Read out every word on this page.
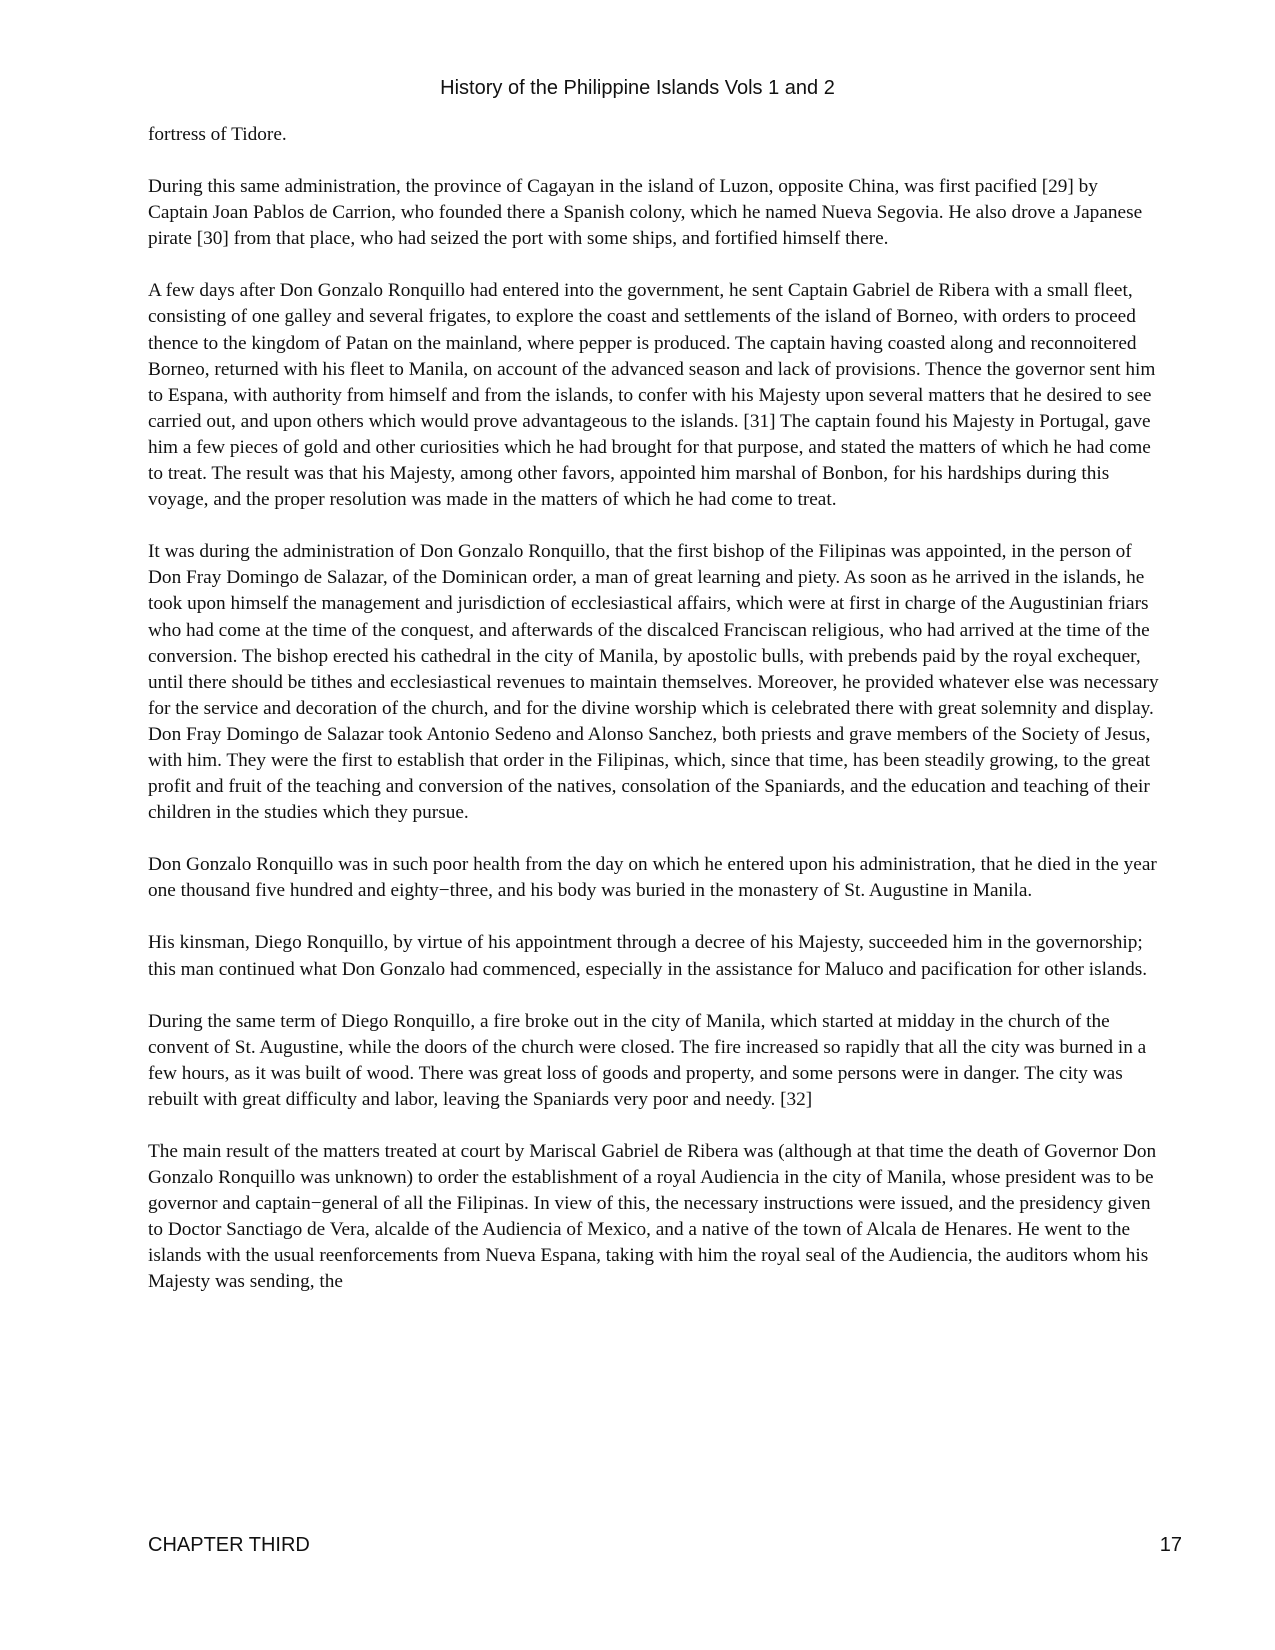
History of the Philippine Islands Vols 1 and 2

fortress of Tidore.

During this same administration, the province of Cagayan in the island of Luzon, opposite China, was first pacified [29] by Captain Joan Pablos de Carrion, who founded there a Spanish colony, which he named Nueva Segovia. He also drove a Japanese pirate [30] from that place, who had seized the port with some ships, and fortified himself there.

A few days after Don Gonzalo Ronquillo had entered into the government, he sent Captain Gabriel de Ribera with a small fleet, consisting of one galley and several frigates, to explore the coast and settlements of the island of Borneo, with orders to proceed thence to the kingdom of Patan on the mainland, where pepper is produced. The captain having coasted along and reconnoitered Borneo, returned with his fleet to Manila, on account of the advanced season and lack of provisions. Thence the governor sent him to Espana, with authority from himself and from the islands, to confer with his Majesty upon several matters that he desired to see carried out, and upon others which would prove advantageous to the islands. [31] The captain found his Majesty in Portugal, gave him a few pieces of gold and other curiosities which he had brought for that purpose, and stated the matters of which he had come to treat. The result was that his Majesty, among other favors, appointed him marshal of Bonbon, for his hardships during this voyage, and the proper resolution was made in the matters of which he had come to treat.

It was during the administration of Don Gonzalo Ronquillo, that the first bishop of the Filipinas was appointed, in the person of Don Fray Domingo de Salazar, of the Dominican order, a man of great learning and piety. As soon as he arrived in the islands, he took upon himself the management and jurisdiction of ecclesiastical affairs, which were at first in charge of the Augustinian friars who had come at the time of the conquest, and afterwards of the discalced Franciscan religious, who had arrived at the time of the conversion. The bishop erected his cathedral in the city of Manila, by apostolic bulls, with prebends paid by the royal exchequer, until there should be tithes and ecclesiastical revenues to maintain themselves. Moreover, he provided whatever else was necessary for the service and decoration of the church, and for the divine worship which is celebrated there with great solemnity and display. Don Fray Domingo de Salazar took Antonio Sedeno and Alonso Sanchez, both priests and grave members of the Society of Jesus, with him. They were the first to establish that order in the Filipinas, which, since that time, has been steadily growing, to the great profit and fruit of the teaching and conversion of the natives, consolation of the Spaniards, and the education and teaching of their children in the studies which they pursue.

Don Gonzalo Ronquillo was in such poor health from the day on which he entered upon his administration, that he died in the year one thousand five hundred and eighty−three, and his body was buried in the monastery of St. Augustine in Manila.

His kinsman, Diego Ronquillo, by virtue of his appointment through a decree of his Majesty, succeeded him in the governorship; this man continued what Don Gonzalo had commenced, especially in the assistance for Maluco and pacification for other islands.

During the same term of Diego Ronquillo, a fire broke out in the city of Manila, which started at midday in the church of the convent of St. Augustine, while the doors of the church were closed. The fire increased so rapidly that all the city was burned in a few hours, as it was built of wood. There was great loss of goods and property, and some persons were in danger. The city was rebuilt with great difficulty and labor, leaving the Spaniards very poor and needy. [32]

The main result of the matters treated at court by Mariscal Gabriel de Ribera was (although at that time the death of Governor Don Gonzalo Ronquillo was unknown) to order the establishment of a royal Audiencia in the city of Manila, whose president was to be governor and captain−general of all the Filipinas. In view of this, the necessary instructions were issued, and the presidency given to Doctor Sanctiago de Vera, alcalde of the Audiencia of Mexico, and a native of the town of Alcala de Henares. He went to the islands with the usual reenforcements from Nueva Espana, taking with him the royal seal of the Audiencia, the auditors whom his Majesty was sending, the

CHAPTER THIRD	17
